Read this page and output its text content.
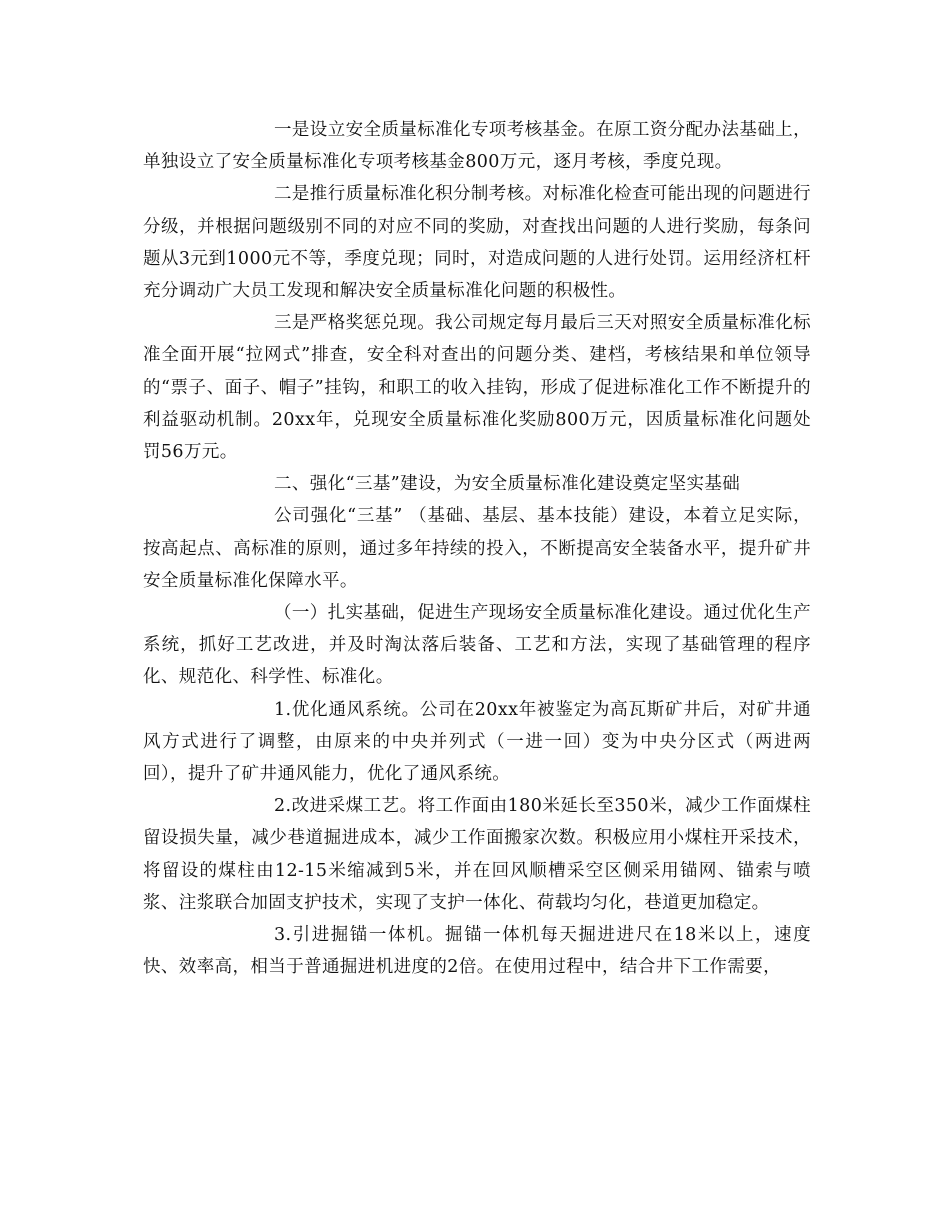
一是设立安全质量标准化专项考核基金。在原工资分配办法基础上，单独设立了安全质量标准化专项考核基金800万元，逐月考核，季度兑现。

二是推行质量标准化积分制考核。对标准化检查可能出现的问题进行分级，并根据问题级别不同的对应不同的奖励，对查找出问题的人进行奖励，每条问题从3元到1000元不等，季度兑现；同时，对造成问题的人进行处罚。运用经济杠杆充分调动广大员工发现和解决安全质量标准化问题的积极性。

三是严格奖惩兑现。我公司规定每月最后三天对照安全质量标准化标准全面开展“拉网式”排查，安全科对查出的问题分类、建档，考核结果和单位领导的“票子、面子、帽子”挂钩，和职工的收入挂钩，形成了促进标准化工作不断提升的利益驱动机制。20xx年，兑现安全质量标准化奖励800万元，因质量标准化问题处罚56万元。

二、强化“三基”建设，为安全质量标准化建设奠定坚实基础

公司强化“三基” （基础、基层、基本技能）建设，本着立足实际，按高起点、高标准的原则，通过多年持续的投入，不断提高安全装备水平，提升矿井安全质量标准化保障水平。

（一）扎实基础，促进生产现场安全质量标准化建设。通过优化生产系统，抓好工艺改进，并及时淘汰落后装备、工艺和方法，实现了基础管理的程序化、规范化、科学性、标准化。

1.优化通风系统。公司在20xx年被鉴定为高瓦斯矿井后，对矿井通风方式进行了调整，由原来的中央并列式（一进一回）变为中央分区式（两进两回），提升了矿井通风能力，优化了通风系统。

2.改进采煤工艺。将工作面由180米延长至350米，减少工作面煤柱留设损失量，减少巷道掘进成本，减少工作面搬家次数。积极应用小煤柱开采技术，将留设的煤柱由12-15米缩减到5米，并在回风顺槽采空区侧采用锚网、锚索与喷浆、注浆联合加固支护技术，实现了支护一体化、荷载均匀化，巷道更加稳定。

3.引进掘锚一体机。掘锚一体机每天掘进进尺在18米以上，速度快、效率高，相当于普通掘进机进度的2倍。在使用过程中，结合井下工作需要，
